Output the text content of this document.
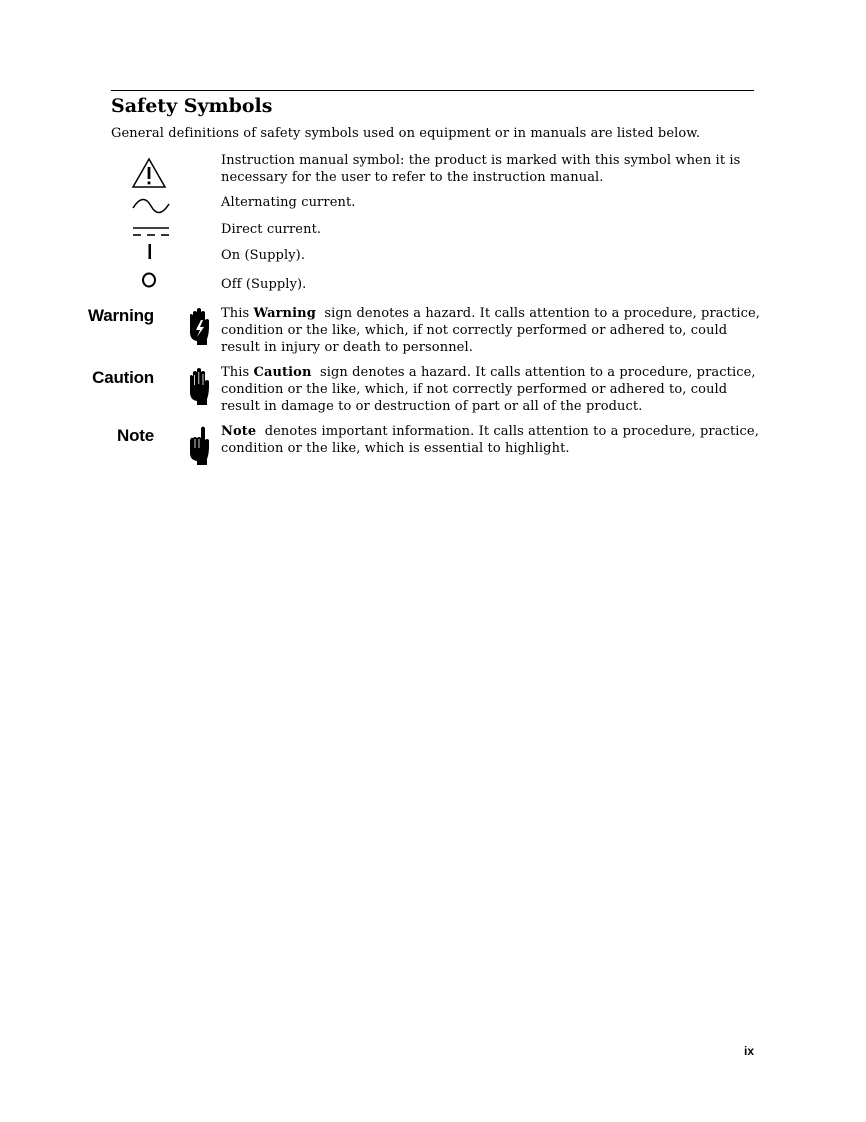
Safety Symbols
General definitions of safety symbols used on equipment or in manuals are listed below.
Instruction manual symbol: the product is marked with this symbol when it is necessary for the user to refer to the instruction manual.
Alternating current.
Direct current.
On (Supply).
Off (Supply).
Warning	This Warning sign denotes a hazard. It calls attention to a procedure, practice, condition or the like, which, if not correctly performed or adhered to, could result in injury or death to personnel.
Caution	This Caution sign denotes a hazard. It calls attention to a procedure, practice, condition or the like, which, if not correctly performed or adhered to, could result in damage to or destruction of part or all of the product.
Note	Note denotes important information. It calls attention to a procedure, practice, condition or the like, which is essential to highlight.
ix
